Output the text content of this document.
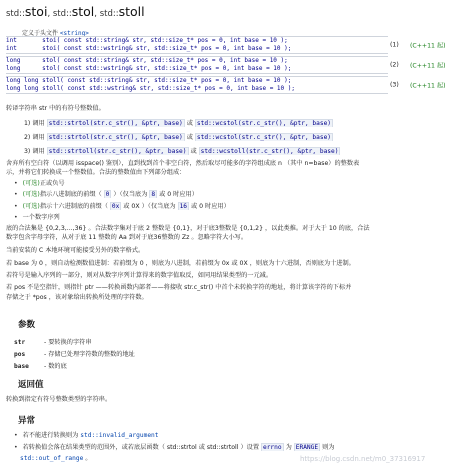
std::stoi, std::stol, std::stoll
定义于头文件 <string>
int       stoi( const std::string& str, std::size_t* pos = 0, int base = 10 );
int       stoi( const std::wstring& str, std::size_t* pos = 0, int base = 10 );	(1) (C++11 起)
long      stol( const std::string& str, std::size_t* pos = 0, int base = 10 );
long      stol( const std::wstring& str, std::size_t* pos = 0, int base = 10 );	(2) (C++11 起)
long long stoll( const std::string& str, std::size_t* pos = 0, int base = 10 );
long long stoll( const std::wstring& str, std::size_t* pos = 0, int base = 10 );	(3) (C++11 起)
转译字符串 str 中的有符号整数值。
1) 调用 std::strtol(str.c_str(), &ptr, base) 或 std::wcstol(str.c_str(), &ptr, base)
2) 调用 std::strtol(str.c_str(), &ptr, base) 或 std::wcstol(str.c_str(), &ptr, base)
3) 调用 std::strtoll(str.c_str(), &ptr, base) 或 std::wcstoll(str.c_str(), &ptr, base)
舍弃所有空白符（以调用 isspace() 鉴别），直到找到首个非空白符，然后取尽可能多的字符组成底 n （其中 n=base）的整数表
示，并将它们转换成一个整数值。合法的整数值由下列部分组成：
• (可选)正或负号
• (可选)指示八进制底的前缀（ 0 ）（仅当底为 8 或 0 时应用）
• (可选)指示十六进制底的前缀（ 0x 或 0X ）（仅当底为 16 或 0 时应用）
• 一个数字序列
底的合法集是 {0,2,3,...,36} 。合法数字集对于底 2 整数是 {0,1}，对于底3整数是 {0,1,2} ，以此类推。对于大于 10 的底，合法
数字包含字母字符，从对于底 11 整数的 Aa 到对于底36整数的 Zz 。忽略字符大小写。
当前安装的 C 本地环境可能接受另外的数字格式。
若 base 为 0 ，则自动检测数值进制：若前缀为 0 ，则底为八进制，若前缀为 0x 或 0X ，则底为十六进制，否则底为十进制。
若符号是输入序列的一部分，则对从数字序列计算得来的数字值取反，如同用结果类型的一元减。
若 pos 不是空指针，则指针 ptr ——转换函数内部者——将接收 str.c_str() 中首个未转换字符的地址，将计算该字符的下标并
存储之于 *pos ，该对象给出转换所处理的字符数。
参数
str	- 要转换的字符串
pos	- 存储已处理字符数的整数的地址
base - 数的底
返回值
转换到指定有符号整数类型的字符串。
异常
• 若不能进行转换则为 std::invalid_argument
• 若转换值会落在结果类型的范围外，或若底层函数（ std::strtol 或 std::strtoll ）设置 errno 为 ERANGE 则为
std::out_of_range 。	https://blog.csdn.net/m0_37316917
